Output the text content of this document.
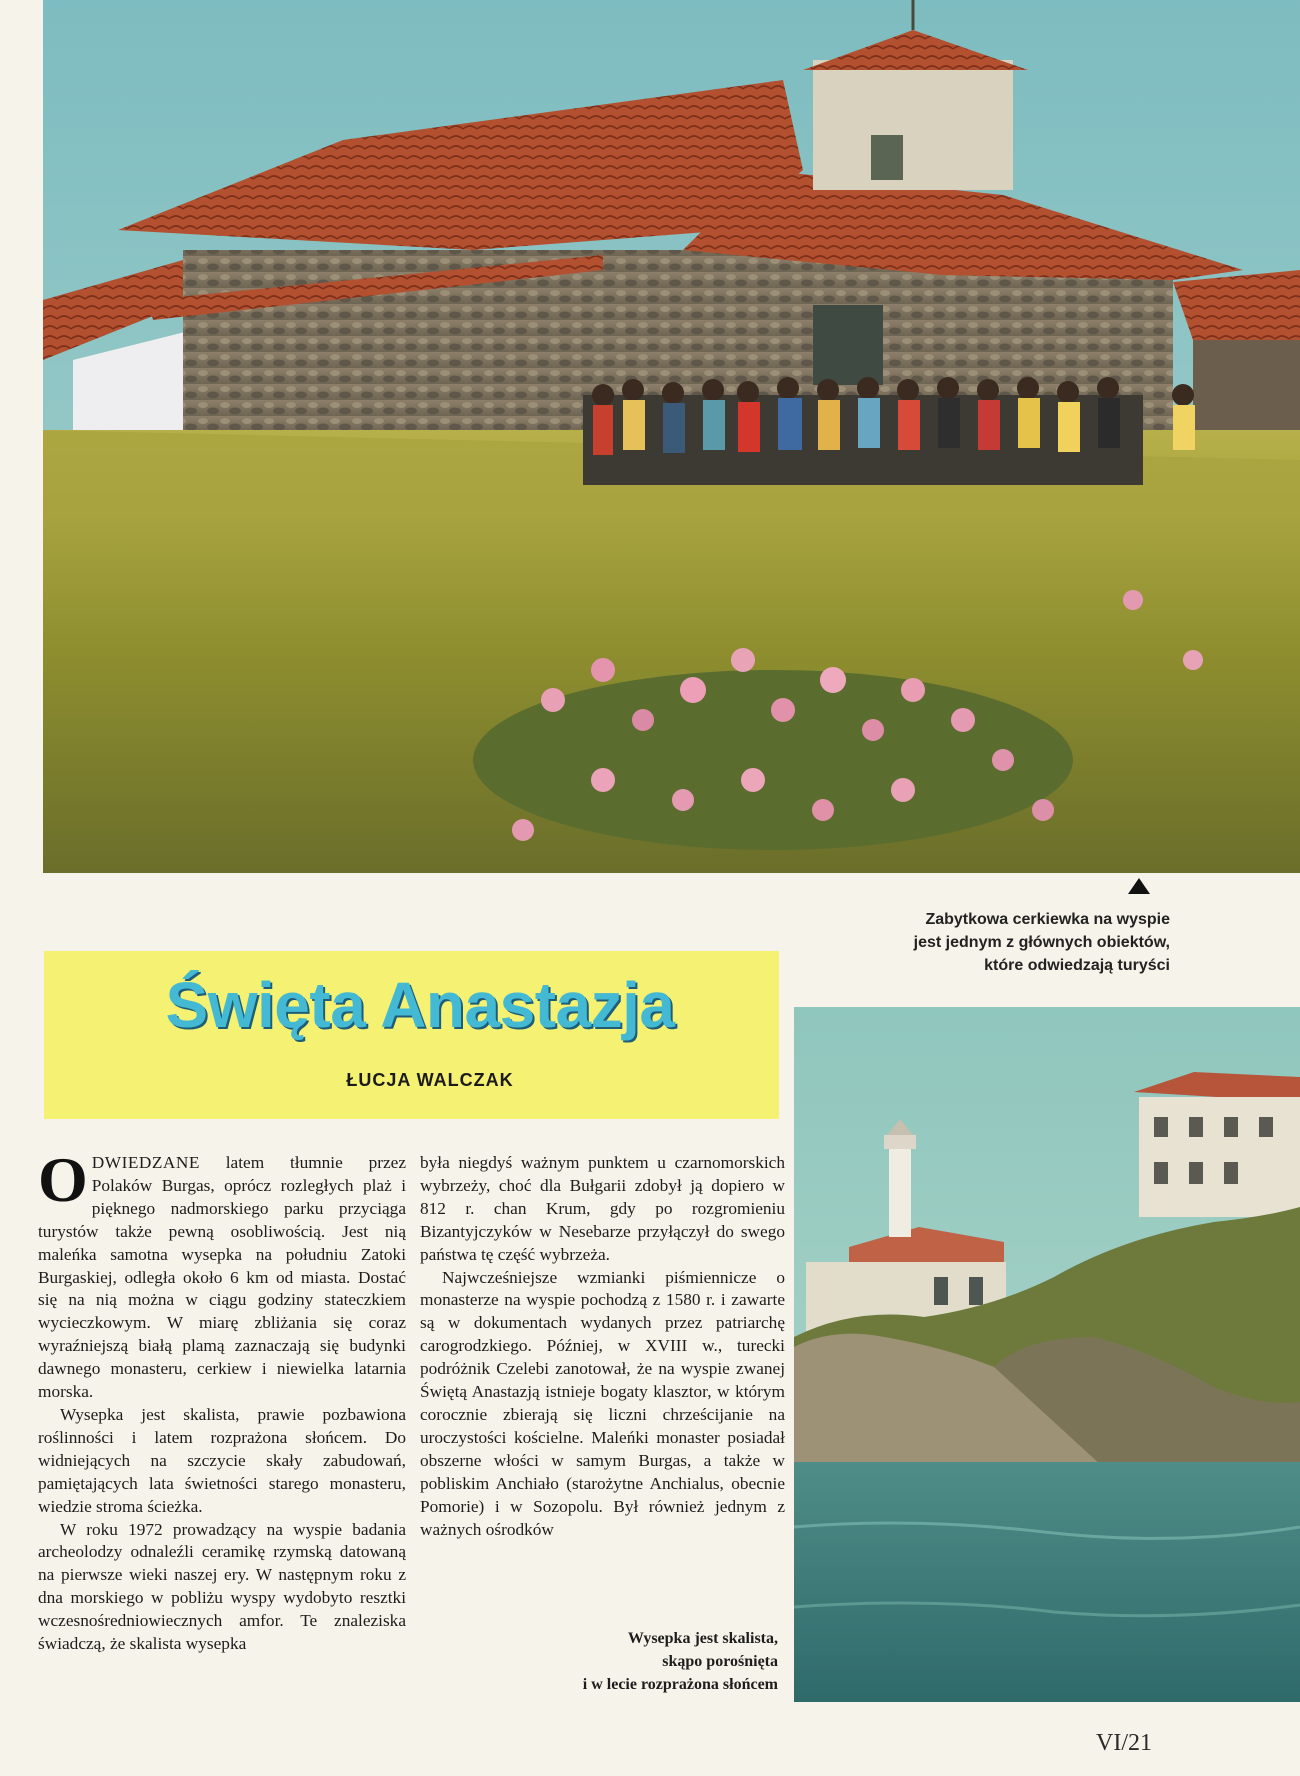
Zabytkowa cerkiewka na wyspie
jest jednym z głównych obiektów,
które odwiedzają turyści
Święta Anastazja
ŁUCJA WALCZAK

ODWIEDZANE latem tłumnie przez Polaków Burgas, oprócz rozległych plaż i pięknego nadmorskiego parku przyciąga turystów także pewną osobliwością. Jest nią maleńka samotna wysepka na południu Zatoki Burgaskiej, odległa około 6 km od miasta. Dostać się na nią można w ciągu godziny stateczkiem wycieczkowym. W miarę zbliżania się coraz wyraźniejszą białą plamą zaznaczają się budynki dawnego monasteru, cerkiew i niewielka latarnia morska.

Wysepka jest skalista, prawie pozbawiona roślinności i latem rozprażona słońcem. Do widniejących na szczycie skały zabudowań, pamiętających lata świetności starego monasteru, wiedzie stroma ścieżka.

W roku 1972 prowadzący na wyspie badania archeolodzy odnaleźli ceramikę rzymską datowaną na pierwsze wieki naszej ery. W następnym roku z dna morskiego w pobliżu wyspy wydobyto resztki wczesnośredniowiecznych amfor. Te znaleziska świadczą, że skalista wysepka

była niegdyś ważnym punktem u czarnomorskich wybrzeży, choć dla Bułgarii zdobył ją dopiero w 812 r. chan Krum, gdy po rozgromieniu Bizantyjczyków w Nesebarze przyłączył do swego państwa tę część wybrzeża.

Najwcześniejsze wzmianki piśmiennicze o monasterze na wyspie pochodzą z 1580 r. i zawarte są w dokumentach wydanych przez patriarchę carogrodzkiego. Później, w XVIII w., turecki podróżnik Czelebi zanotował, że na wyspie zwanej Świętą Anastazją istnieje bogaty klasztor, w którym corocznie zbierają się liczni chrześcijanie na uroczystości kościelne. Maleńki monaster posiadał obszerne włości w samym Burgas, a także w pobliskim Anchiało (starożytne Anchialus, obecnie Pomorie) i w Sozopolu. Był również jednym z ważnych ośrodków

Wysepka jest skalista,
skąpo porośnięta
i w lecie rozprażona słońcem
VI/21
